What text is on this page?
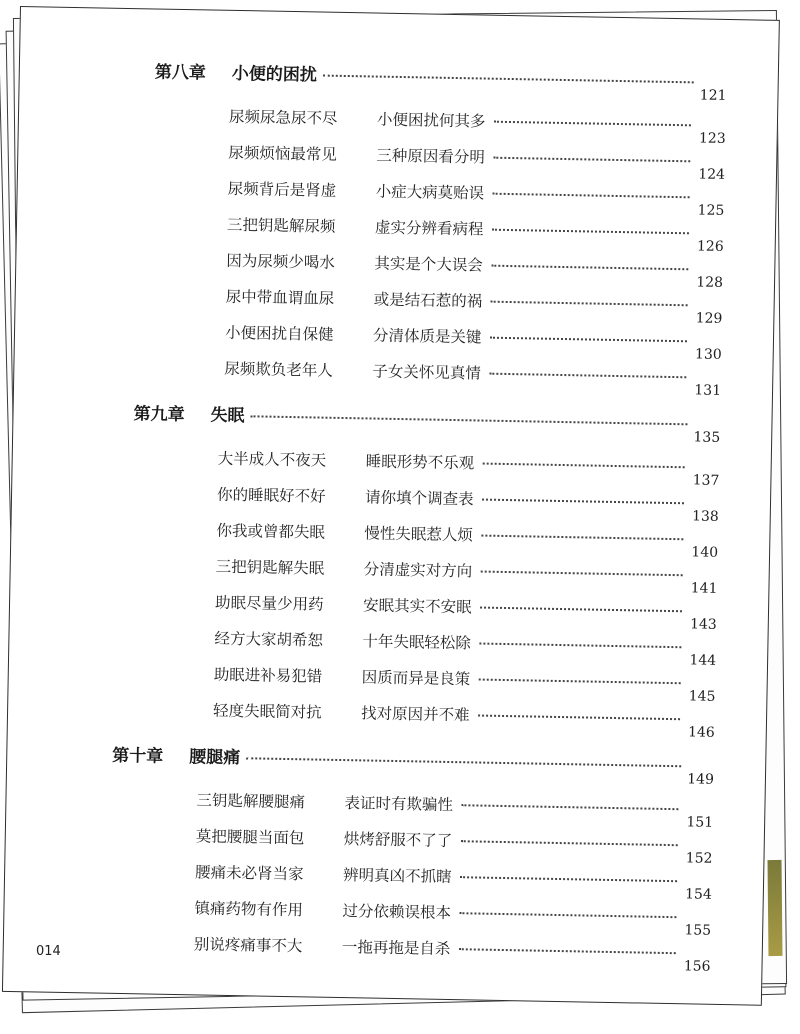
第八章 小便的困扰
121
尿频尿急尿不尽	小便困扰何其多
123
尿频烦恼最常见	三种原因看分明
124
尿频背后是肾虚	小症大病莫贻误
125
三把钥匙解尿频	虚实分辨看病程
126
因为尿频少喝水	其实是个大误会
128
尿中带血谓血尿	或是结石惹的祸
129
小便困扰自保健	分清体质是关键
130
尿频欺负老年人	子女关怀见真情
131
第九章 失眠
135
大半成人不夜天	睡眠形势不乐观
137
你的睡眠好不好	请你填个调查表
138
你我或曾都失眠	慢性失眠惹人烦
140
三把钥匙解失眠	分清虚实对方向
141
助眠尽量少用药	安眠其实不安眠
143
经方大家胡希恕	十年失眠轻松除
144
助眠进补易犯错	因质而异是良策
145
轻度失眠简对抗	找对原因并不难
146
第十章 腰腿痛
149
三钥匙解腰腿痛	表证时有欺骗性
151
莫把腰腿当面包	烘烤舒服不了了
152
腰痛未必肾当家	辨明真凶不抓瞎
154
镇痛药物有作用	过分依赖误根本
155
别说疼痛事不大	一拖再拖是自杀
156
014
